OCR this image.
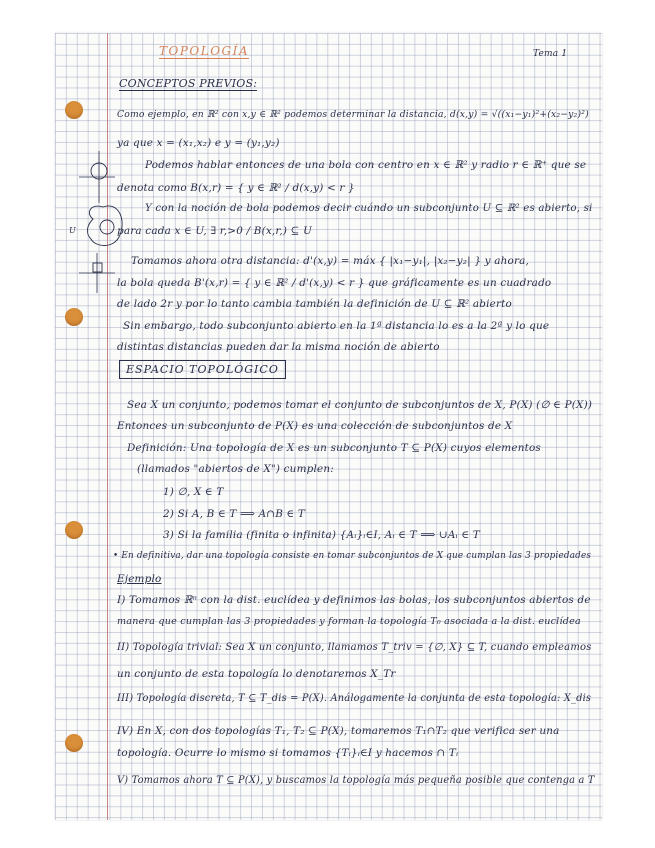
U
TOPOLOGÍA	Tema 1
CONCEPTOS PREVIOS:
Como ejemplo, en ℝ² con x,y ∈ ℝ² podemos determinar la distancia, d(x,y) = √((x₁−y₁)²+(x₂−y₂)²)
ya que x = (x₁,x₂) e y = (y₁,y₂)
Podemos hablar entonces de una bola con centro en x ∈ ℝ² y radio r ∈ ℝ⁺ que se
denota como B(x,r) = { y ∈ ℝ² / d(x,y) < r }
Y con la noción de bola podemos decir cuándo un subconjunto U ⊆ ℝ² es abierto, si
para cada x ∈ U, ∃ r,>0 / B(x,r,) ⊆ U
Tomamos ahora otra distancia: d'(x,y) = máx { |x₁−y₁|, |x₂−y₂| } y ahora,
la bola queda B'(x,r) = { y ∈ ℝ² / d'(x,y) < r } que gráficamente es un cuadrado
de lado 2r y por lo tanto cambia también la definición de U ⊆ ℝ² abierto
Sin embargo, todo subconjunto abierto en la 1ª distancia lo es a la 2ª y lo que
distintas distancias pueden dar la misma noción de abierto
ESPACIO TOPOLÓGICO
Sea X un conjunto, podemos tomar el conjunto de subconjuntos de X, P(X) (∅ ∈ P(X))
Entonces un subconjunto de P(X) es una colección de subconjuntos de X
Definición: Una topología de X es un subconjunto T ⊆ P(X) cuyos elementos
(llamados "abiertos de X") cumplen:
1) ∅, X ∈ T
2) Si A, B ∈ T ⟹ A∩B ∈ T
3) Si la familia (finita o infinita) {Aᵢ}ᵢ∈I, Aᵢ ∈ T ⟹ ∪Aᵢ ∈ T
• En definitiva, dar una topología consiste en tomar subconjuntos de X que cumplan las 3 propiedades
Ejemplo
I) Tomamos ℝⁿ con la dist. euclídea y definimos las bolas, los subconjuntos abiertos de
manera que cumplan las 3 propiedades y forman la topología T₀ asociada a la dist. euclídea
II) Topología trivial: Sea X un conjunto, llamamos T_triv = {∅, X} ⊆ T, cuando empleamos
un conjunto de esta topología lo denotaremos X_Tr
III) Topología discreta, T ⊆ T_dis = P(X). Análogamente la conjunta de esta topología: X_dis
IV) En X, con dos topologías T₁, T₂ ⊆ P(X), tomaremos T₁∩T₂ que verifica ser una
topología. Ocurre lo mismo si tomamos {Tᵢ}ᵢ∈I y hacemos ∩ Tᵢ
V) Tomamos ahora T ⊆ P(X), y buscamos la topología más pequeña posible que contenga a T
